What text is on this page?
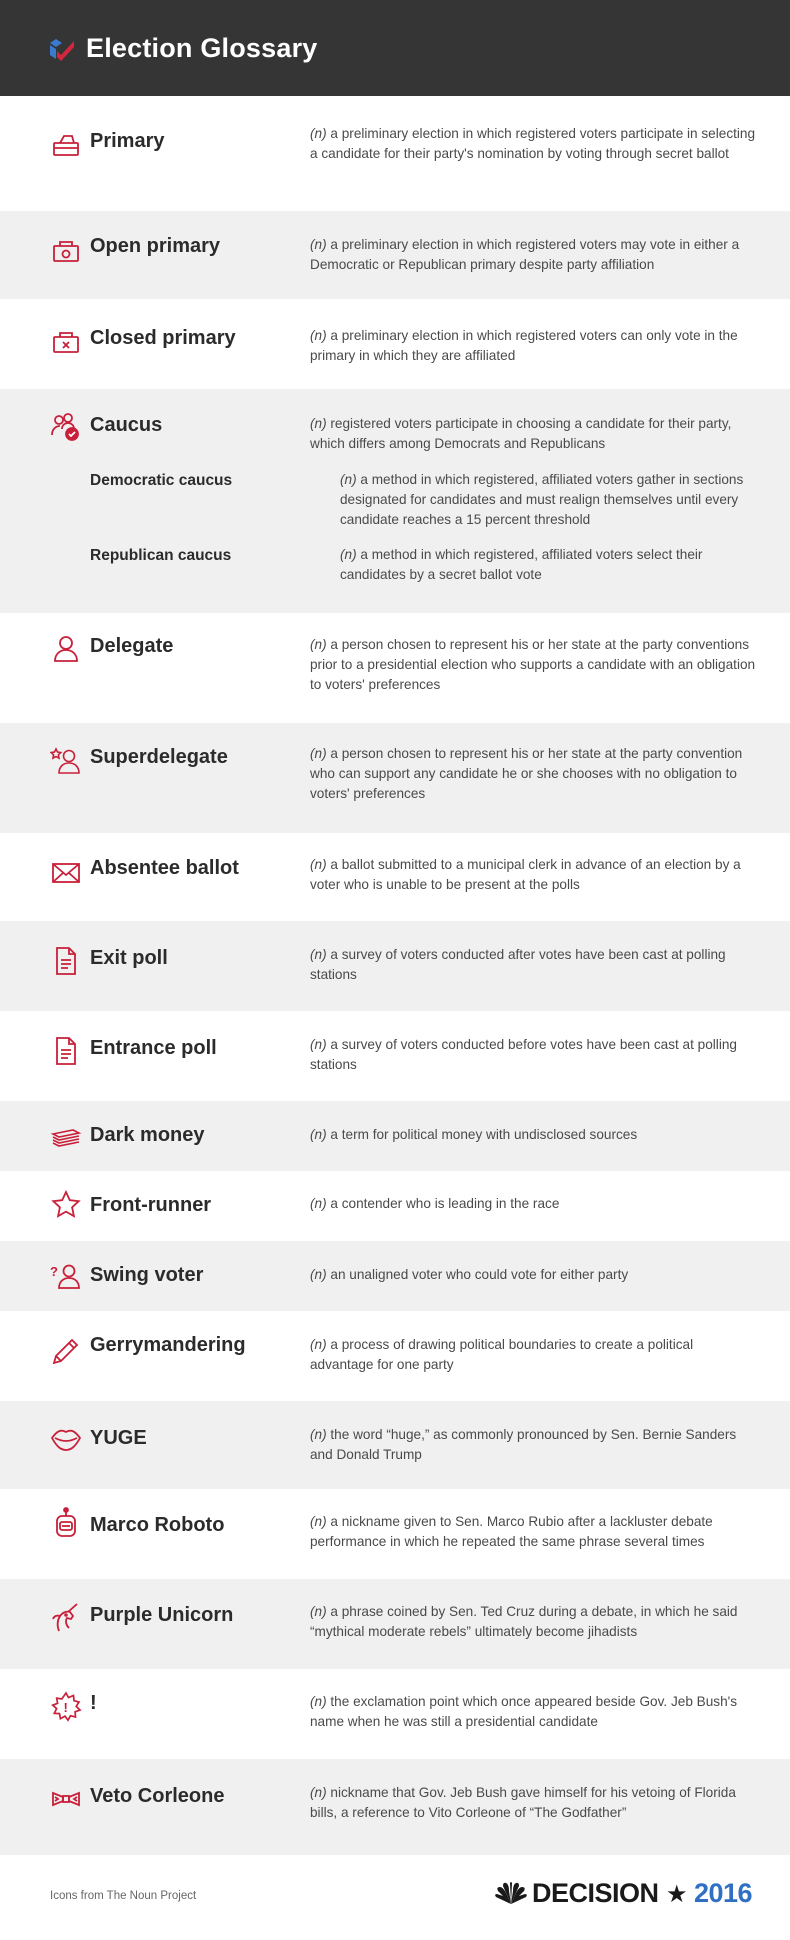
Election Glossary
Primary	(n) a preliminary election in which registered voters participate in selecting a candidate for their party's nomination by voting through secret ballot
Open primary	(n) a preliminary election in which registered voters may vote in either a Democratic or Republican primary despite party affiliation
Closed primary	(n) a preliminary election in which registered voters can only vote in the primary in which they are affiliated
Caucus	(n) registered voters participate in choosing a candidate for their party, which differs among Democrats and Republicans
Democratic caucus	(n) a method in which registered, affiliated voters gather in sections designated for candidates and must realign themselves until every candidate reaches a 15 percent threshold
Republican caucus	(n) a method in which registered, affiliated voters select their candidates by a secret ballot vote
Delegate	(n) a person chosen to represent his or her state at the party conventions prior to a presidential election who supports a candidate with an obligation to voters' preferences
Superdelegate	(n) a person chosen to represent his or her state at the party convention who can support any candidate he or she chooses with no obligation to voters' preferences
Absentee ballot	(n) a ballot submitted to a municipal clerk in advance of an election by a voter who is unable to be present at the polls
Exit poll	(n) a survey of voters conducted after votes have been cast at polling stations
Entrance poll	(n) a survey of voters conducted before votes have been cast at polling stations
Dark money	(n) a term for political money with undisclosed sources
Front-runner	(n) a contender who is leading in the race
? Swing voter	(n) an unaligned voter who could vote for either party
Gerrymandering	(n) a process of drawing political boundaries to create a political advantage for one party
YUGE	(n) the word “huge,” as commonly pronounced by Sen. Bernie Sanders and Donald Trump
Marco Roboto	(n) a nickname given to Sen. Marco Rubio after a lackluster debate performance in which he repeated the same phrase several times
Purple Unicorn	(n) a phrase coined by Sen. Ted Cruz during a debate, in which he said “mythical moderate rebels” ultimately become jihadists
! !	(n) the exclamation point which once appeared beside Gov. Jeb Bush's name when he was still a presidential candidate
Veto Corleone	(n) nickname that Gov. Jeb Bush gave himself for his vetoing of Florida bills, a reference to Vito Corleone of “The Godfather”
Icons from The Noun Project	DECISION ★ 2016
